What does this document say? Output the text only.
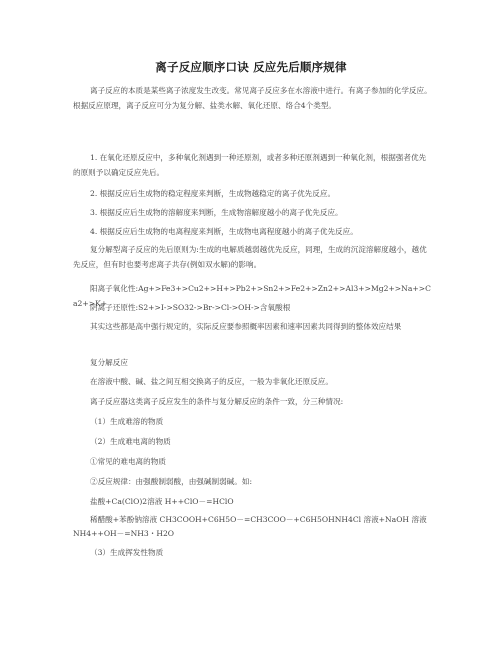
离子反应顺序口诀 反应先后顺序规律
离子反应的本质是某些离子浓度发生改变。常见离子反应多在水溶液中进行。有离子参加的化学反应。根据反应原理，离子反应可分为复分解、盐类水解、氧化还原、络合4个类型。
1. 在氧化还原反应中，多种氧化剂遇到一种还原剂，或者多种还原剂遇到一种氧化剂，根据强者优先的原则予以确定反应先后。
2. 根据反应后生成物的稳定程度来判断，生成物越稳定的离子优先反应。
3. 根据反应后生成物的溶解度来判断，生成物溶解度越小的离子优先反应。
4. 根据反应后生成物的电离程度来判断，生成物电离程度越小的离子优先反应。
复分解型离子反应的先后原则为:生成的电解质越弱越优先反应，同理，生成的沉淀溶解度越小，越优先反应，但有时也要考虑离子共存(例如双水解)的影响。
阳离子氧化性:Ag+>Fe3+>Cu2+>H+>Pb2+>Sn2+>Fe2+>Zn2+>Al3+>Mg2+>Na+>Ca2+>K+
阴离子还原性:S2+>I->SO32->Br->Cl->OH->含氧酸根
其实这些都是高中强行规定的，实际反应要参照概率因素和速率因素共同得到的整体效应结果
复分解反应
在溶液中酸、碱、盐之间互相交换离子的反应，一般为非氧化还原反应。
离子反应器这类离子反应发生的条件与复分解反应的条件一致，分三种情况:
（1）生成难溶的物质
（2）生成难电离的物质
①常见的难电离的物质
②反应规律：由强酸制弱酸，由强碱制弱碱。如:
盐酸+Ca(ClO)2溶液 H++ClO－=HClO
稀醋酸+苯酚钠溶液 CH3COOH+C6H5O－=CH3COO－+C6H5OHNH4Cl 溶液+NaOH 溶液NH4++OH－=NH3・H2O
（3）生成挥发性物质
